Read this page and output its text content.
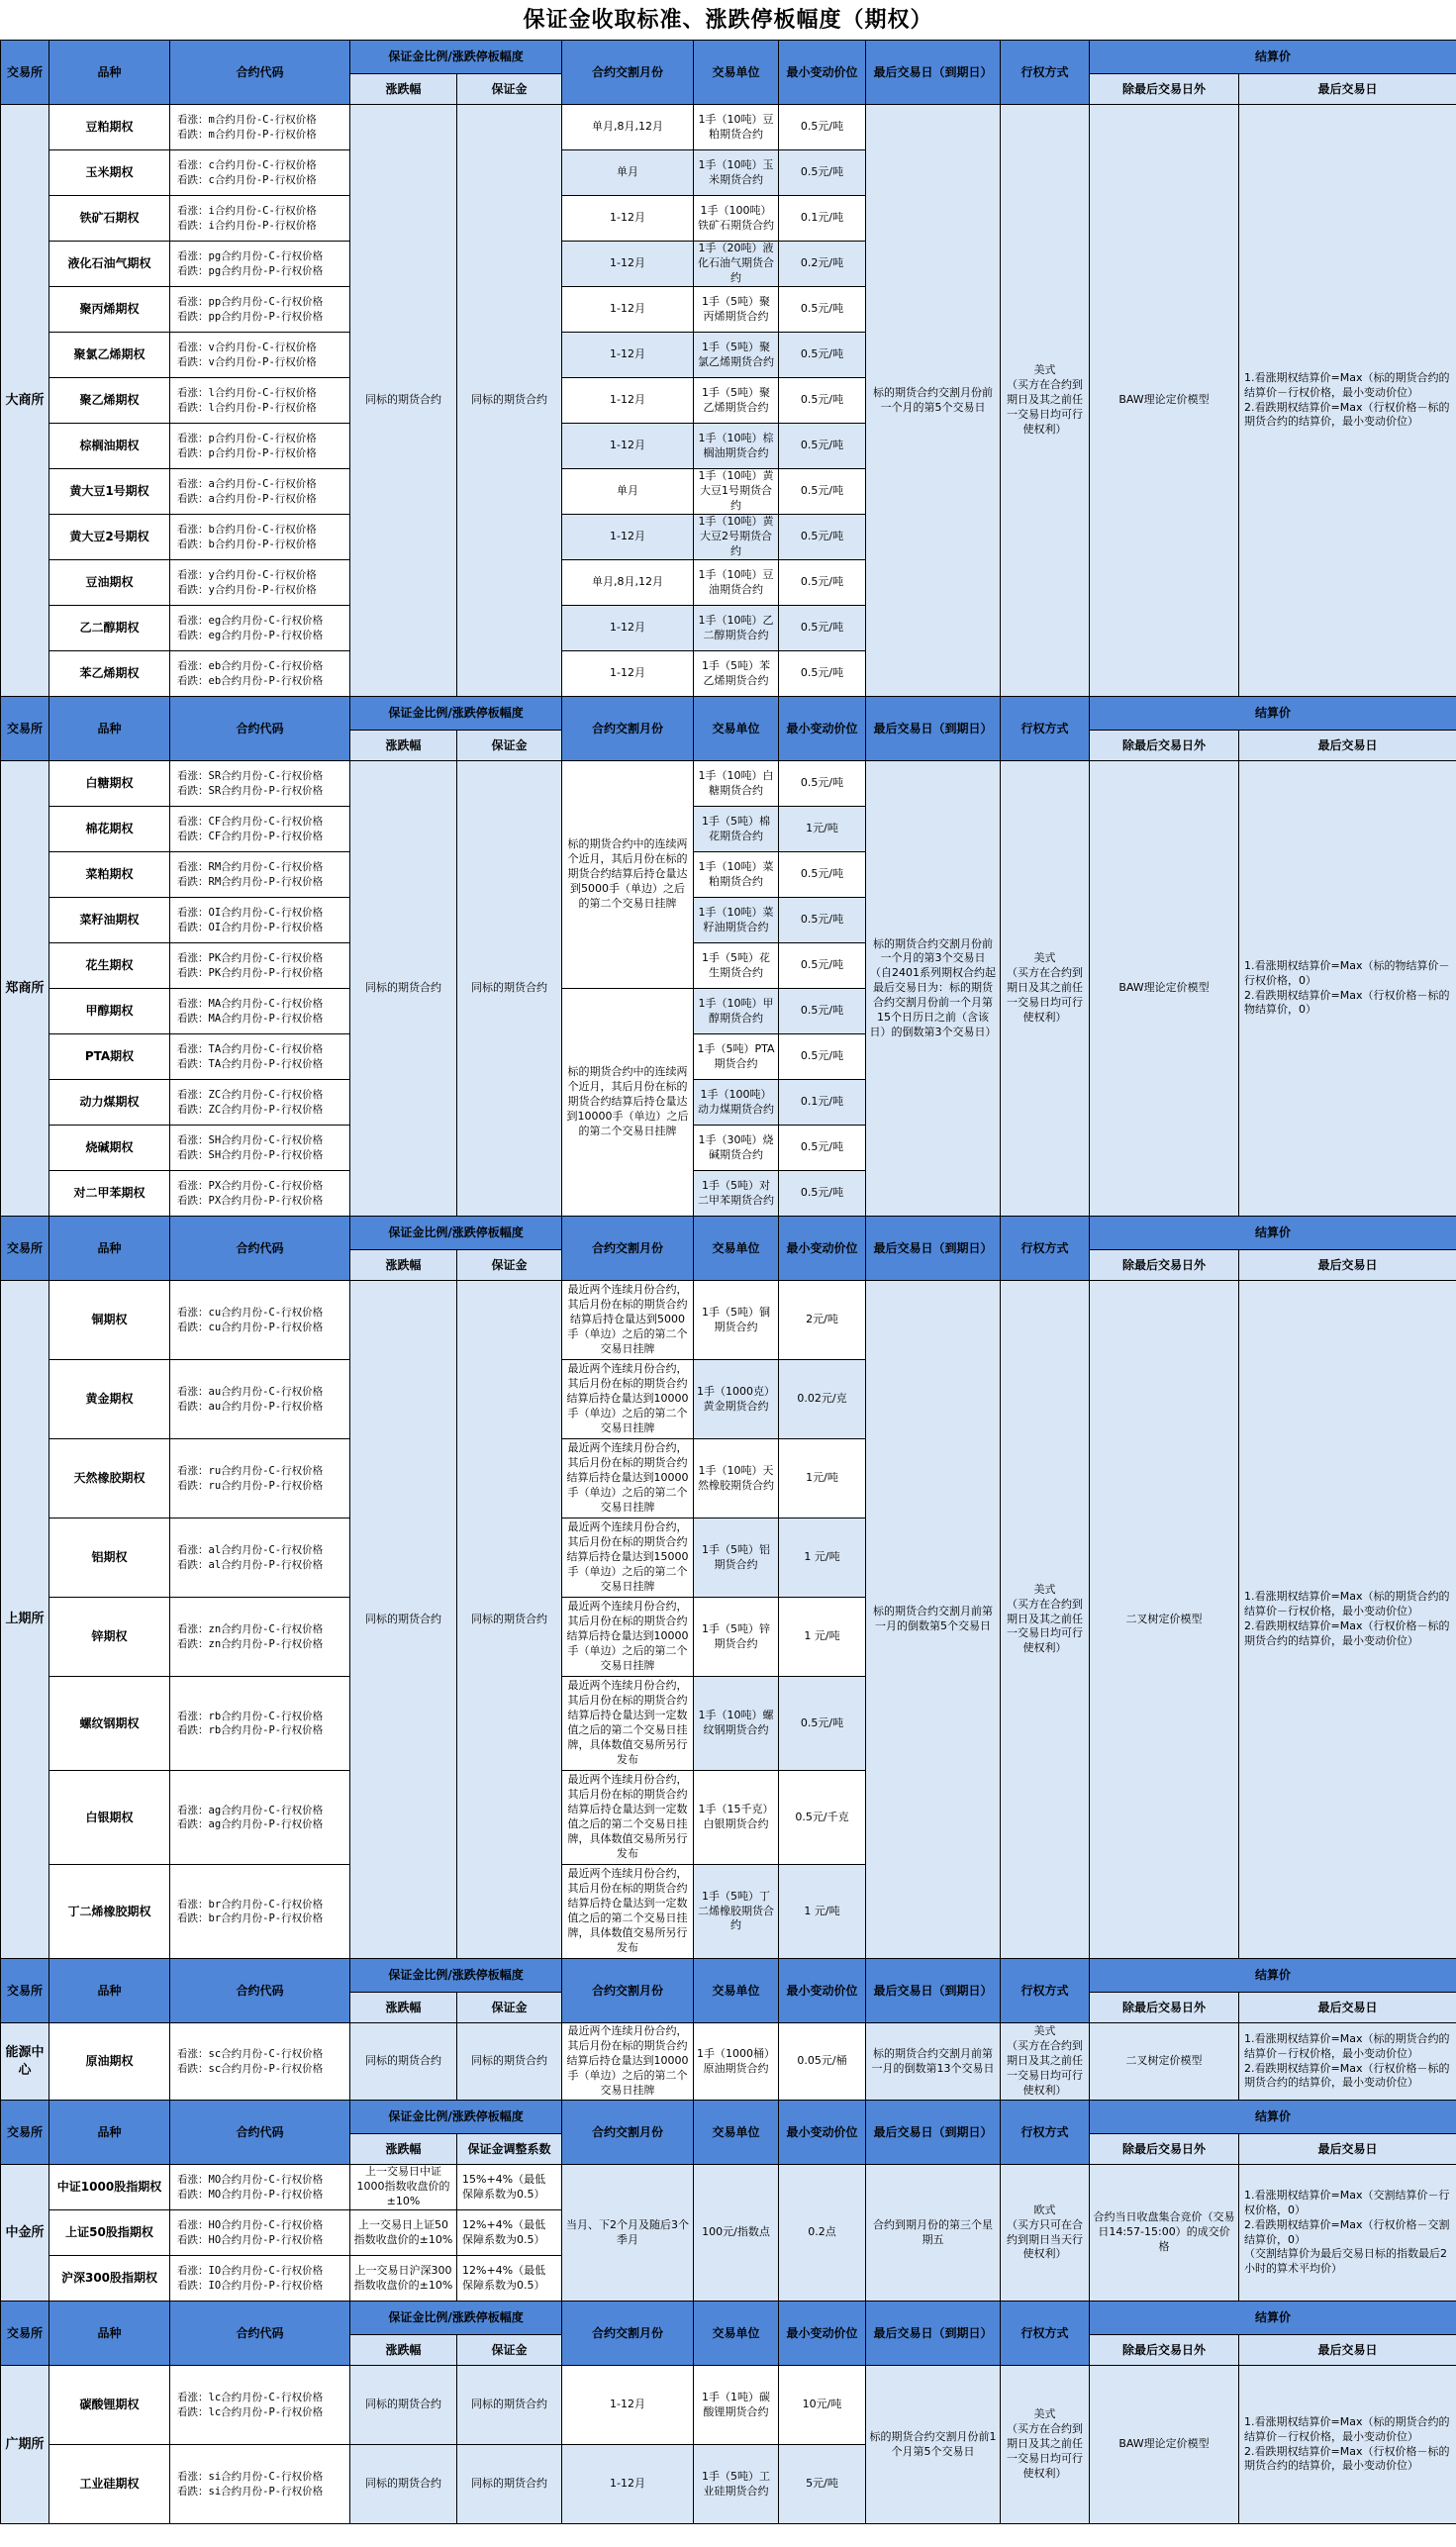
保证金收取标准、涨跌停板幅度（期权）
交易所	品种	合约代码	保证金比例/涨跌停板幅度		合约交割月份	交易单位	最小变动价位	最后交易日（到期日）	行权方式	结算价	
			涨跌幅	保证金						除最后交易日外	最后交易日
大商所	豆粕期权	看涨：m合约月份-C-行权价格
看跌：m合约月份-P-行权价格	同标的期货合约	同标的期货合约	单月,8月,12月	1手（10吨）豆粕期货合约	0.5元/吨	标的期货合约交割月份前一个月的第5个交易日	美式
（买方在合约到期日及其之前任一交易日均可行使权利）	BAW理论定价模型	1.看涨期权结算价=Max（标的期货合约的结算价－行权价格，最小变动价位）
2.看跌期权结算价=Max（行权价格－标的期货合约的结算价，最小变动价位）
	玉米期权	看涨：c合约月份-C-行权价格
看跌：c合约月份-P-行权价格			单月	1手（10吨）玉米期货合约	0.5元/吨				
	铁矿石期权	看涨：i合约月份-C-行权价格
看跌：i合约月份-P-行权价格			1-12月	1手（100吨）铁矿石期货合约	0.1元/吨				
	液化石油气期权	看涨：pg合约月份-C-行权价格
看跌：pg合约月份-P-行权价格			1-12月	1手（20吨）液化石油气期货合约	0.2元/吨				
	聚丙烯期权	看涨：pp合约月份-C-行权价格
看跌：pp合约月份-P-行权价格			1-12月	1手（5吨）聚丙烯期货合约	0.5元/吨				
	聚氯乙烯期权	看涨：v合约月份-C-行权价格
看跌：v合约月份-P-行权价格			1-12月	1手（5吨）聚氯乙烯期货合约	0.5元/吨				
	聚乙烯期权	看涨：l合约月份-C-行权价格
看跌：l合约月份-P-行权价格			1-12月	1手（5吨）聚乙烯期货合约	0.5元/吨				
	棕榈油期权	看涨：p合约月份-C-行权价格
看跌：p合约月份-P-行权价格			1-12月	1手（10吨）棕榈油期货合约	0.5元/吨				
	黄大豆1号期权	看涨：a合约月份-C-行权价格
看跌：a合约月份-P-行权价格			单月	1手（10吨）黄大豆1号期货合约	0.5元/吨				
	黄大豆2号期权	看涨：b合约月份-C-行权价格
看跌：b合约月份-P-行权价格			1-12月	1手（10吨）黄大豆2号期货合约	0.5元/吨				
	豆油期权	看涨：y合约月份-C-行权价格
看跌：y合约月份-P-行权价格			单月,8月,12月	1手（10吨）豆油期货合约	0.5元/吨				
	乙二醇期权	看涨：eg合约月份-C-行权价格
看跌：eg合约月份-P-行权价格			1-12月	1手（10吨）乙二醇期货合约	0.5元/吨				
	苯乙烯期权	看涨：eb合约月份-C-行权价格
看跌：eb合约月份-P-行权价格			1-12月	1手（5吨）苯乙烯期货合约	0.5元/吨				
交易所	品种	合约代码	保证金比例/涨跌停板幅度		合约交割月份	交易单位	最小变动价位	最后交易日（到期日）	行权方式	结算价	
			涨跌幅	保证金						除最后交易日外	最后交易日
郑商所	白糖期权	看涨：SR合约月份-C-行权价格
看跌：SR合约月份-P-行权价格	同标的期货合约	同标的期货合约	标的期货合约中的连续两个近月，其后月份在标的期货合约结算后持仓量达到5000手（单边）之后的第二个交易日挂牌	1手（10吨）白糖期货合约	0.5元/吨	标的期货合约交割月份前一个月的第3个交易日
（自2401系列期权合约起最后交易日为：标的期货合约交割月份前一个月第15个日历日之前（含该日）的倒数第3个交易日）	美式
（买方在合约到期日及其之前任一交易日均可行使权利）	BAW理论定价模型	1.看涨期权结算价=Max（标的物结算价－行权价格，0）
2.看跌期权结算价=Max（行权价格－标的物结算价，0）
	棉花期权	看涨：CF合约月份-C-行权价格
看跌：CF合约月份-P-行权价格				1手（5吨）棉花期货合约	1元/吨				
	菜粕期权	看涨：RM合约月份-C-行权价格
看跌：RM合约月份-P-行权价格				1手（10吨）菜粕期货合约	0.5元/吨				
	菜籽油期权	看涨：OI合约月份-C-行权价格
看跌：OI合约月份-P-行权价格				1手（10吨）菜籽油期货合约	0.5元/吨				
	花生期权	看涨：PK合约月份-C-行权价格
看跌：PK合约月份-P-行权价格				1手（5吨）花生期货合约	0.5元/吨				
	甲醇期权	看涨：MA合约月份-C-行权价格
看跌：MA合约月份-P-行权价格			标的期货合约中的连续两个近月，其后月份在标的期货合约结算后持仓量达到10000手（单边）之后的第二个交易日挂牌	1手（10吨）甲醇期货合约	0.5元/吨				
	PTA期权	看涨：TA合约月份-C-行权价格
看跌：TA合约月份-P-行权价格				1手（5吨）PTA期货合约	0.5元/吨				
	动力煤期权	看涨：ZC合约月份-C-行权价格
看跌：ZC合约月份-P-行权价格				1手（100吨）动力煤期货合约	0.1元/吨				
	烧碱期权	看涨：SH合约月份-C-行权价格
看跌：SH合约月份-P-行权价格				1手（30吨）烧碱期货合约	0.5元/吨				
	对二甲苯期权	看涨：PX合约月份-C-行权价格
看跌：PX合约月份-P-行权价格				1手（5吨）对二甲苯期货合约	0.5元/吨				
交易所	品种	合约代码	保证金比例/涨跌停板幅度		合约交割月份	交易单位	最小变动价位	最后交易日（到期日）	行权方式	结算价	
			涨跌幅	保证金						除最后交易日外	最后交易日
上期所	铜期权	看涨：cu合约月份-C-行权价格
看跌：cu合约月份-P-行权价格	同标的期货合约	同标的期货合约	最近两个连续月份合约，其后月份在标的期货合约结算后持仓量达到5000手（单边）之后的第二个交易日挂牌	1手（5吨）铜期货合约	2元/吨	标的期货合约交割月前第一月的倒数第5个交易日	美式
（买方在合约到期日及其之前任一交易日均可行使权利）	二叉树定价模型	1.看涨期权结算价=Max（标的期货合约的结算价－行权价格，最小变动价位）
2.看跌期权结算价=Max（行权价格－标的期货合约的结算价，最小变动价位）
	黄金期权	看涨：au合约月份-C-行权价格
看跌：au合约月份-P-行权价格			最近两个连续月份合约，其后月份在标的期货合约结算后持仓量达到10000手（单边）之后的第二个交易日挂牌	1手（1000克）黄金期货合约	0.02元/克				
	天然橡胶期权	看涨：ru合约月份-C-行权价格
看跌：ru合约月份-P-行权价格			最近两个连续月份合约，其后月份在标的期货合约结算后持仓量达到10000手（单边）之后的第二个交易日挂牌	1手（10吨）天然橡胶期货合约	1元/吨				
	铝期权	看涨：al合约月份-C-行权价格
看跌：al合约月份-P-行权价格			最近两个连续月份合约，其后月份在标的期货合约结算后持仓量达到15000手（单边）之后的第二个交易日挂牌	1手（5吨）铝期货合约	1 元/吨				
	锌期权	看涨：zn合约月份-C-行权价格
看跌：zn合约月份-P-行权价格			最近两个连续月份合约，其后月份在标的期货合约结算后持仓量达到10000手（单边）之后的第二个交易日挂牌	1手（5吨）锌期货合约	1 元/吨				
	螺纹钢期权	看涨：rb合约月份-C-行权价格
看跌：rb合约月份-P-行权价格			最近两个连续月份合约，其后月份在标的期货合约结算后持仓量达到一定数值之后的第二个交易日挂牌，具体数值交易所另行发布	1手（10吨）螺纹钢期货合约	0.5元/吨				
	白银期权	看涨：ag合约月份-C-行权价格
看跌：ag合约月份-P-行权价格			最近两个连续月份合约，其后月份在标的期货合约结算后持仓量达到一定数值之后的第二个交易日挂牌，具体数值交易所另行发布	1手（15千克）白银期货合约	0.5元/千克				
	丁二烯橡胶期权	看涨：br合约月份-C-行权价格
看跌：br合约月份-P-行权价格			最近两个连续月份合约，其后月份在标的期货合约结算后持仓量达到一定数值之后的第二个交易日挂牌，具体数值交易所另行发布	1手（5吨）丁二烯橡胶期货合约	1 元/吨				
交易所	品种	合约代码	保证金比例/涨跌停板幅度		合约交割月份	交易单位	最小变动价位	最后交易日（到期日）	行权方式	结算价	
			涨跌幅	保证金						除最后交易日外	最后交易日
能源中心	原油期权	看涨：sc合约月份-C-行权价格
看跌：sc合约月份-P-行权价格	同标的期货合约	同标的期货合约	最近两个连续月份合约，其后月份在标的期货合约结算后持仓量达到10000手（单边）之后的第二个交易日挂牌	1手（1000桶）原油期货合约	0.05元/桶	标的期货合约交割月前第一月的倒数第13个交易日	美式
（买方在合约到期日及其之前任一交易日均可行使权利）	二叉树定价模型	1.看涨期权结算价=Max（标的期货合约的结算价－行权价格，最小变动价位）
2.看跌期权结算价=Max（行权价格－标的期货合约的结算价，最小变动价位）
交易所	品种	合约代码	保证金比例/涨跌停板幅度		合约交割月份	交易单位	最小变动价位	最后交易日（到期日）	行权方式	结算价	
			涨跌幅	保证金调整系数						除最后交易日外	最后交易日
中金所	中证1000股指期权	看涨：MO合约月份-C-行权价格
看跌：MO合约月份-P-行权价格	上一交易日中证1000指数收盘价的±10%	15%+4%（最低保障系数为0.5）	当月、下2个月及随后3个季月	100元/指数点	0.2点	合约到期月份的第三个星期五	欧式
（买方只可在合约到期日当天行使权利）	合约当日收盘集合竞价（交易日14:57-15:00）的成交价格	1.看涨期权结算价=Max（交割结算价－行权价格，0）
2.看跌期权结算价=Max（行权价格－交割结算价，0）
（交割结算价为最后交易日标的指数最后2小时的算术平均价）
	上证50股指期权	看涨：HO合约月份-C-行权价格
看跌：HO合约月份-P-行权价格	上一交易日上证50指数收盘价的±10%	12%+4%（最低保障系数为0.5）							
	沪深300股指期权	看涨：IO合约月份-C-行权价格
看跌：IO合约月份-P-行权价格	上一交易日沪深300指数收盘价的±10%	12%+4%（最低保障系数为0.5）							
交易所	品种	合约代码	保证金比例/涨跌停板幅度		合约交割月份	交易单位	最小变动价位	最后交易日（到期日）	行权方式	结算价	
			涨跌幅	保证金						除最后交易日外	最后交易日
广期所	碳酸锂期权	看涨：lc合约月份-C-行权价格
看跌：lc合约月份-P-行权价格	同标的期货合约	同标的期货合约	1-12月	1手（1吨）碳酸锂期货合约	10元/吨	标的期货合约交割月份前1个月第5个交易日	美式
（买方在合约到期日及其之前任一交易日均可行使权利）	BAW理论定价模型	1.看涨期权结算价=Max（标的期货合约的结算价－行权价格，最小变动价位）
2.看跌期权结算价=Max（行权价格－标的期货合约的结算价，最小变动价位）
	工业硅期权	看涨：si合约月份-C-行权价格
看跌：si合约月份-P-行权价格	同标的期货合约	同标的期货合约	1-12月	1手（5吨）工业硅期货合约	5元/吨				
